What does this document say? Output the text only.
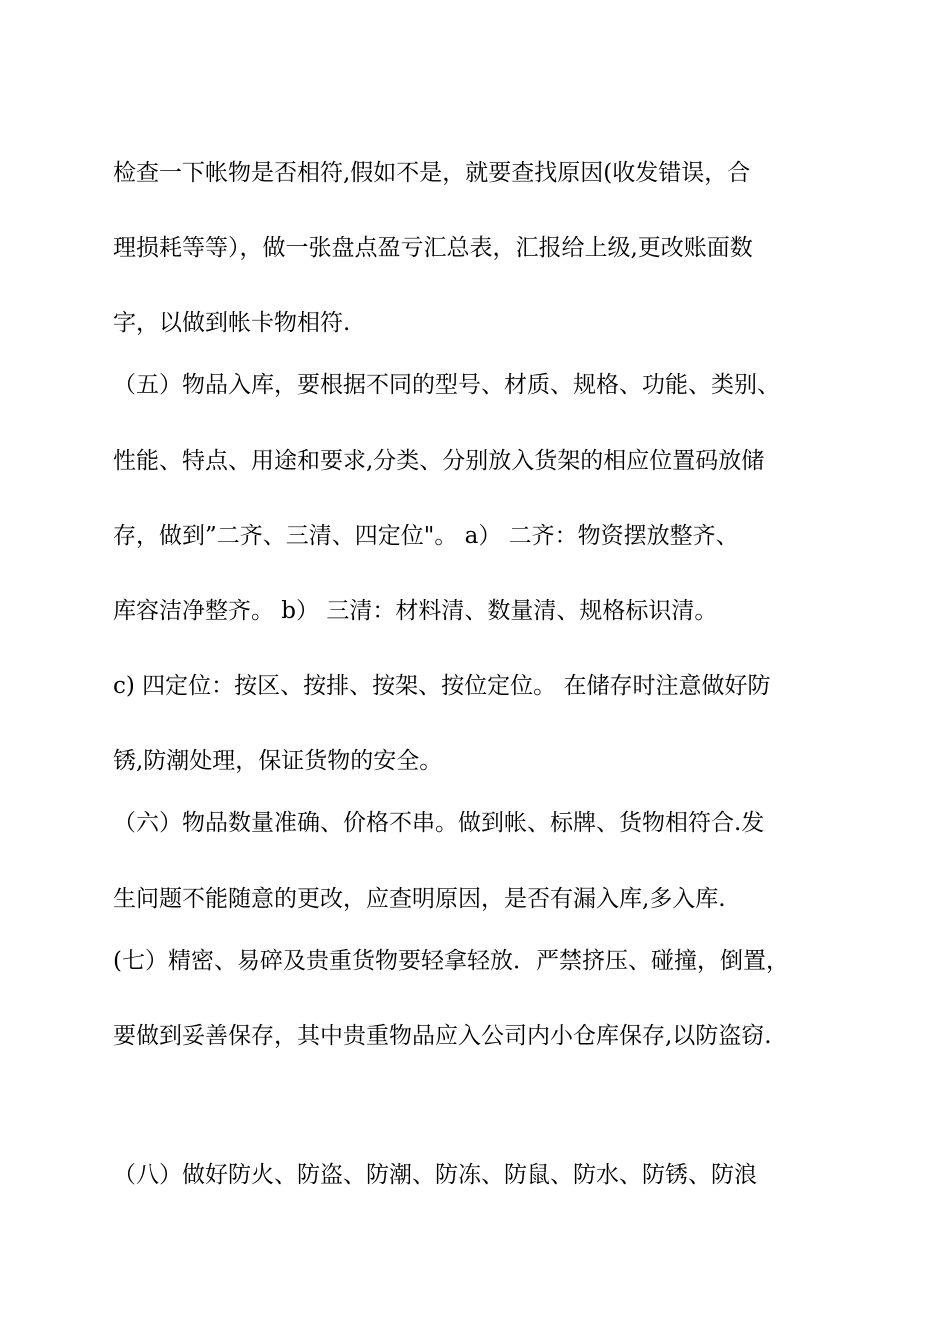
检查一下帐物是否相符,假如不是，就要查找原因(收发错误，合
理损耗等等），做一张盘点盈亏汇总表，汇报给上级,更改账面数
字，以做到帐卡物相符.
（五）物品入库，要根据不同的型号、材质、规格、功能、类别、
性能、特点、用途和要求,分类、分别放入货架的相应位置码放储
存，做到”二齐、三清、四定位"。 a） 二齐：物资摆放整齐、
库容洁净整齐。 b） 三清：材料清、数量清、规格标识清。
c) 四定位：按区、按排、按架、按位定位。 在储存时注意做好防
锈,防潮处理，保证货物的安全。
（六）物品数量准确、价格不串。做到帐、标牌、货物相符合.发
生问题不能随意的更改，应查明原因，是否有漏入库,多入库.
(七）精密、易碎及贵重货物要轻拿轻放．严禁挤压、碰撞，倒置，
要做到妥善保存，其中贵重物品应入公司内小仓库保存,以防盗窃.
（八）做好防火、防盗、防潮、防冻、防鼠、防水、防锈、防浪
